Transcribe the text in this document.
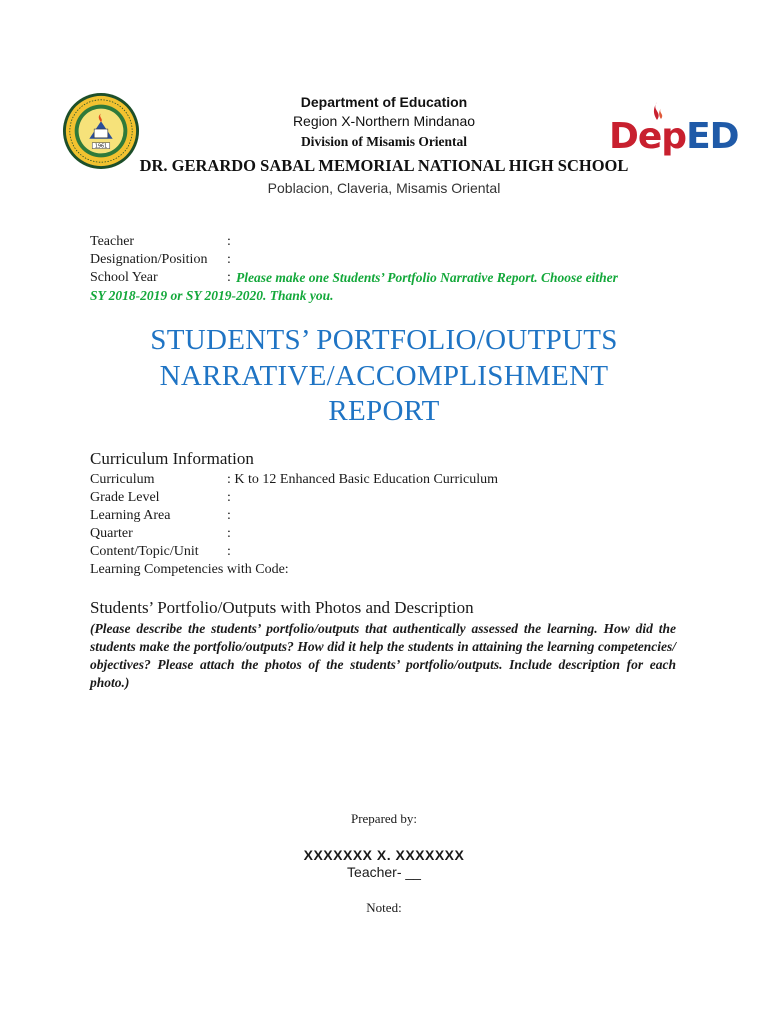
1961	DepED
Department of Education
Region X-Northern Mindanao
Division of Misamis Oriental
DR. GERARDO SABAL MEMORIAL NATIONAL HIGH SCHOOL
Poblacion, Claveria, Misamis Oriental
Teacher	:
Designation/Position :
School Year	: Please make one Students’ Portfolio Narrative Report. Choose either
SY 2018-2019 or SY 2019-2020. Thank you.
STUDENTS’ PORTFOLIO/OUTPUTS
NARRATIVE/ACCOMPLISHMENT
REPORT
Curriculum Information
Curriculum	: K to 12 Enhanced Basic Education Curriculum
Grade Level	:
Learning Area	:
Quarter	:
Content/Topic/Unit :
Learning Competencies with Code:
Students’ Portfolio/Outputs with Photos and Description
(Please describe the students’ portfolio/outputs that authentically assessed the learning. How did the students make the portfolio/outputs? How did it help the students in attaining the learning competencies/ objectives? Please attach the photos of the students’ portfolio/outputs. Include description for each photo.)
Prepared by:
XXXXXXX X. XXXXXXX
Teacher- __
Noted:
